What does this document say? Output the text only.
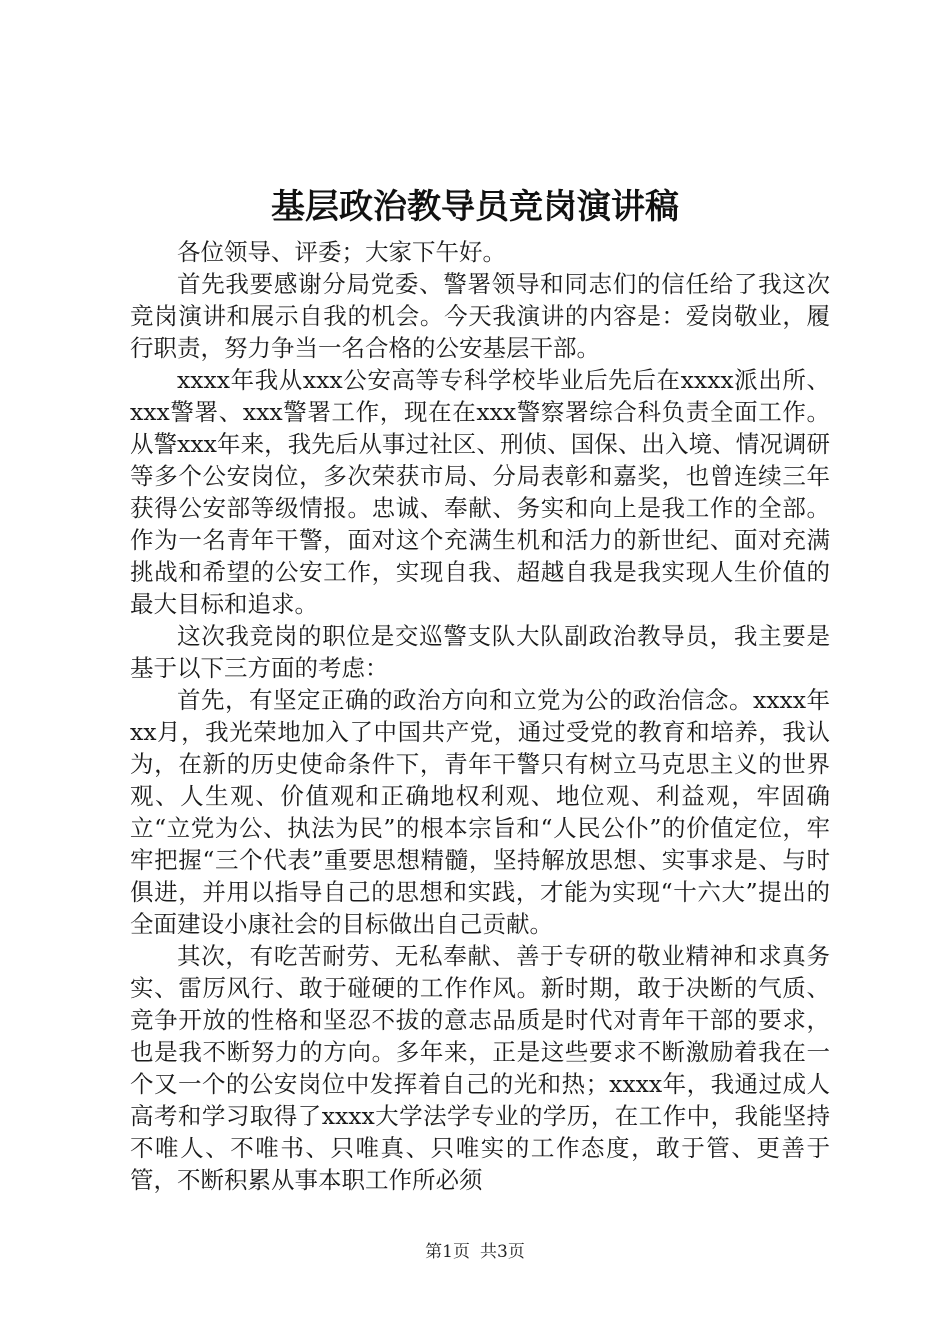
基层政治教导员竞岗演讲稿

各位领导、评委；大家下午好。

首先我要感谢分局党委、警署领导和同志们的信任给了我这次竞岗演讲和展示自我的机会。今天我演讲的内容是：爱岗敬业，履行职责，努力争当一名合格的公安基层干部。

xxxx年我从xxx公安高等专科学校毕业后先后在xxxx派出所、xxx警署、xxx警署工作，现在在xxx警察署综合科负责全面工作。从警xxx年来，我先后从事过社区、刑侦、国保、出入境、情况调研等多个公安岗位，多次荣获市局、分局表彰和嘉奖，也曾连续三年获得公安部等级情报。忠诚、奉献、务实和向上是我工作的全部。作为一名青年干警，面对这个充满生机和活力的新世纪、面对充满挑战和希望的公安工作，实现自我、超越自我是我实现人生价值的最大目标和追求。

这次我竞岗的职位是交巡警支队大队副政治教导员，我主要是基于以下三方面的考虑：

首先，有坚定正确的政治方向和立党为公的政治信念。xxxx年xx月，我光荣地加入了中国共产党，通过受党的教育和培养，我认为，在新的历史使命条件下，青年干警只有树立马克思主义的世界观、人生观、价值观和正确地权利观、地位观、利益观，牢固确立“立党为公、执法为民”的根本宗旨和“人民公仆”的价值定位，牢牢把握“三个代表”重要思想精髓，坚持解放思想、实事求是、与时俱进，并用以指导自己的思想和实践，才能为实现“十六大”提出的全面建设小康社会的目标做出自己贡献。

其次，有吃苦耐劳、无私奉献、善于专研的敬业精神和求真务实、雷厉风行、敢于碰硬的工作作风。新时期，敢于决断的气质、竞争开放的性格和坚忍不拔的意志品质是时代对青年干部的要求，也是我不断努力的方向。多年来，正是这些要求不断激励着我在一个又一个的公安岗位中发挥着自己的光和热；xxxx年，我通过成人高考和学习取得了xxxx大学法学专业的学历，在工作中，我能坚持不唯人、不唯书、只唯真、只唯实的工作态度，敢于管、更善于管，不断积累从事本职工作所必须

第1页 共3页
